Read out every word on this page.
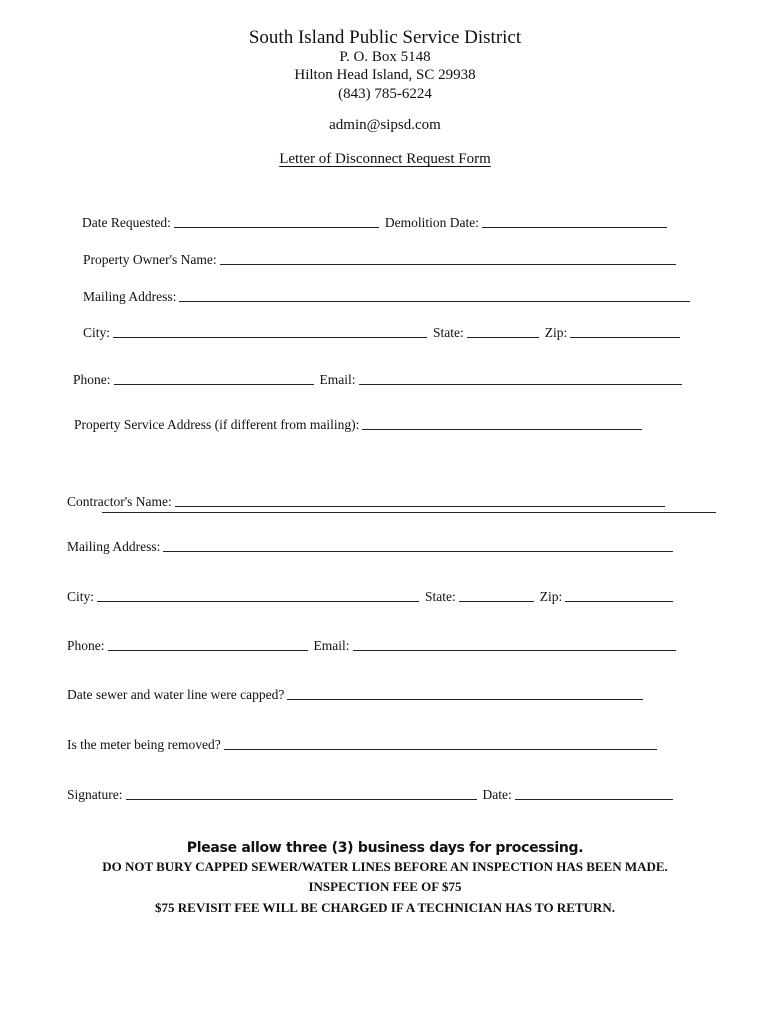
South Island Public Service District
P. O. Box 5148
Hilton Head Island, SC 29938
(843) 785-6224
admin@sipsd.com
Letter of Disconnect Request Form
Date Requested:	Demolition Date:
Property Owner's Name:
Mailing Address:
City:	State:	Zip:
Phone:	Email:
Property Service Address (if different from mailing):
Contractor's Name:
Mailing Address:
City:	State:	Zip:
Phone:	Email:
Date sewer and water line were capped?
Is the meter being removed?
Signature:	Date:
Please allow three (3) business days for processing.
DO NOT BURY CAPPED SEWER/WATER LINES BEFORE AN INSPECTION HAS BEEN MADE.
INSPECTION FEE OF $75
$75 REVISIT FEE WILL BE CHARGED IF A TECHNICIAN HAS TO RETURN.
